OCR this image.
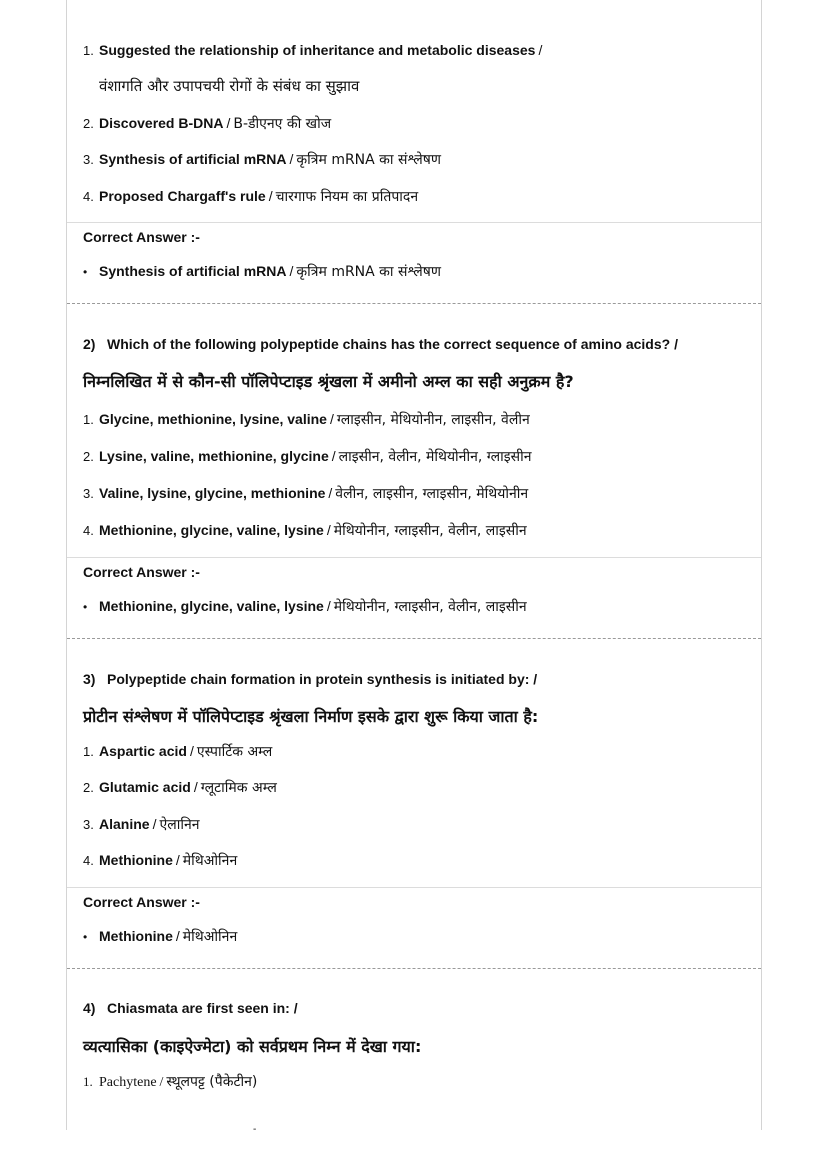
1. Suggested the relationship of inheritance and metabolic diseases /
वंशागति और उपापचयी रोगों के संबंध का सुझाव
2. Discovered B-DNA / B-डीएनए की खोज
3. Synthesis of artificial mRNA / कृत्रिम mRNA का संश्लेषण
4. Proposed Chargaff's rule / चारगाफ नियम का प्रतिपादन
Correct Answer :-
• Synthesis of artificial mRNA / कृत्रिम mRNA का संश्लेषण
2) Which of the following polypeptide chains has the correct sequence of amino acids? /
निम्नलिखित में से कौन-सी पॉलिपेप्टाइड श्रृंखला में अमीनो अम्ल का सही अनुक्रम है?
1. Glycine, methionine, lysine, valine / ग्लाइसीन, मेथियोनीन, लाइसीन, वेलीन
2. Lysine, valine, methionine, glycine / लाइसीन, वेलीन, मेथियोनीन, ग्लाइसीन
3. Valine, lysine, glycine, methionine / वेलीन, लाइसीन, ग्लाइसीन, मेथियोनीन
4. Methionine, glycine, valine, lysine / मेथियोनीन, ग्लाइसीन, वेलीन, लाइसीन
Correct Answer :-
• Methionine, glycine, valine, lysine / मेथियोनीन, ग्लाइसीन, वेलीन, लाइसीन
3) Polypeptide chain formation in protein synthesis is initiated by: /
प्रोटीन संश्लेषण में पॉलिपेप्टाइड श्रृंखला निर्माण इसके द्वारा शुरू किया जाता है:
1. Aspartic acid / एस्पार्टिक अम्ल
2. Glutamic acid / ग्लूटामिक अम्ल
3. Alanine / ऐलानिन
4. Methionine / मेथिओनिन
Correct Answer :-
• Methionine / मेथिओनिन
4) Chiasmata are first seen in: /
व्यत्यासिका (काइऐज्मेटा) को सर्वप्रथम निम्न में देखा गया:
1. Pachytene / स्थूलपट्ट (पैकेटीन)
-
